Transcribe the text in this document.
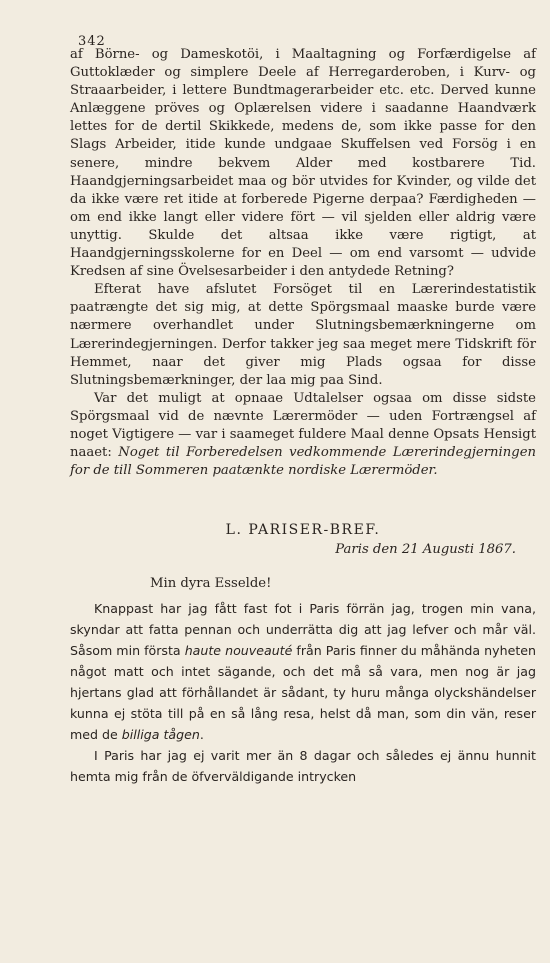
342

af Börne- og Dameskotöi, i Maaltagning og Forfærdigelse af Guttoklæder og simplere Deele af Herregarderoben, i Kurv- og Straaarbeider, i lettere Bundtmagerarbeider etc. etc. Derved kunne Anlæggene pröves og Oplærelsen videre i saadanne Haandværk lettes for de dertil Skikkede, medens de, som ikke passe for den Slags Arbeider, itide kunde undgaae Skuffelsen ved Forsög i en senere, mindre bekvem Alder med kostbarere Tid. Haandgjerningsarbeidet maa og bör utvides for Kvinder, og vilde det da ikke være ret itide at forberede Pigerne derpaa? Færdigheden — om end ikke langt eller videre fört — vil sjelden eller aldrig være unyttig. Skulde det altsaa ikke være rigtigt, at Haandgjerningsskolerne for en Deel — om end varsomt — udvide Kredsen af sine Övelsesarbeider i den antydede Retning?

Efterat have afslutet Forsöget til en Lærerindestatistik paatrængte det sig mig, at dette Spörgsmaal maaske burde være nærmere overhandlet under Slutningsbemærkningerne om Lærerindegjerningen. Derfor takker jeg saa meget mere Tidskrift för Hemmet, naar det giver mig Plads ogsaa for disse Slutningsbemærkninger, der laa mig paa Sind.

Var det muligt at opnaae Udtalelser ogsaa om disse sidste Spörgsmaal vid de nævnte Lærermöder — uden Fortrængsel af noget Vigtigere — var i saameget fuldere Maal denne Opsats Hensigt naaet: Noget til Forberedelsen vedkommende Lærerindegjerningen for de till Sommeren paatænkte nordiske Lærermöder.

L. PARISER-BREF.
Paris den 21 Augusti 1867.
Min dyra Esselde!

Knappast har jag fått fast fot i Paris förrän jag, trogen min vana, skyndar att fatta pennan och underrätta dig att jag lefver och mår väl. Såsom min första haute nouveauté från Paris finner du måhända nyheten något matt och intet sägande, och det må så vara, men nog är jag hjertans glad att förhållandet är sådant, ty huru många olyckshändelser kunna ej stöta till på en så lång resa, helst då man, som din vän, reser med de billiga tågen.

I Paris har jag ej varit mer än 8 dagar och således ej ännu hunnit hemta mig från de öfverväldigande intrycken
